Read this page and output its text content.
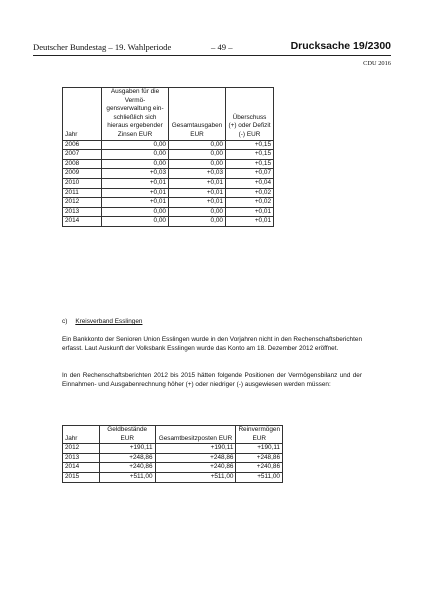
Deutscher Bundestag – 19. Wahlperiode	– 49 –	Drucksache 19/2300
CDU 2016
Jahr	Ausgaben für die Vermö-gensverwaltung ein-schließlich sich hieraus ergebender Zinsen EUR	Gesamtausgaben EUR	Überschuss (+) oder Defizit (-) EUR
2006	0,00	0,00	+0,15
2007	0,00	0,00	+0,15
2008	0,00	0,00	+0,15
2009	+0,03	+0,03	+0,07
2010	+0,01	+0,01	+0,04
2011	+0,01	+0,01	+0,02
2012	+0,01	+0,01	+0,02
2013	0,00	0,00	+0,01
2014	0,00	0,00	+0,01
c) Kreisverband Esslingen
Ein Bankkonto der Senioren Union Esslingen wurde in den Vorjahren nicht in den Rechenschaftsberichten erfasst. Laut Auskunft der Volksbank Esslingen wurde das Konto am 18. Dezember 2012 eröffnet.
In den Rechenschaftsberichten 2012 bis 2015 hätten folgende Positionen der Vermögensbilanz und der Einnahmen- und Ausgabenrechnung höher (+) oder niedriger (-) ausgewiesen werden müssen:
Jahr	Geldbestände EUR	Gesamtbesitzposten EUR	Reinvermögen EUR
2012	+190,11	+190,11	+190,11
2013	+248,86	+248,86	+248,86
2014	+240,86	+240,86	+240,86
2015	+511,00	+511,00	+511,00
